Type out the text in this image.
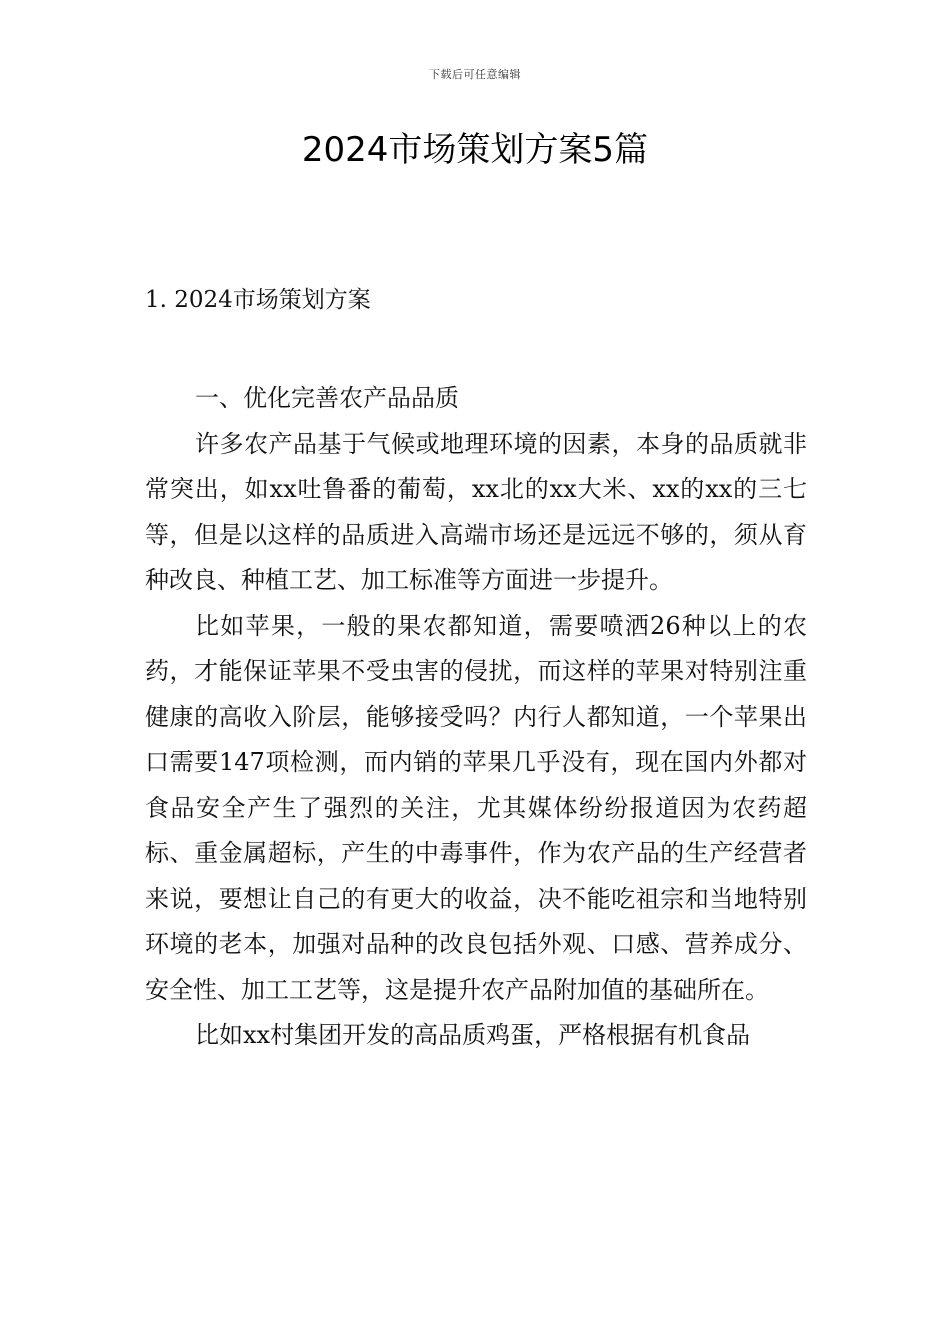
下载后可任意编辑
2024市场策划方案5篇
1. 2024市场策划方案

一、优化完善农产品品质

许多农产品基于气候或地理环境的因素，本身的品质就非常突出，如xx吐鲁番的葡萄，xx北的xx大米、xx的xx的三七等，但是以这样的品质进入高端市场还是远远不够的，须从育种改良、种植工艺、加工标准等方面进一步提升。

比如苹果，一般的果农都知道，需要喷洒26种以上的农药，才能保证苹果不受虫害的侵扰，而这样的苹果对特别注重健康的高收入阶层，能够接受吗？内行人都知道，一个苹果出口需要147项检测，而内销的苹果几乎没有，现在国内外都对食品安全产生了强烈的关注，尤其媒体纷纷报道因为农药超标、重金属超标，产生的中毒事件，作为农产品的生产经营者来说，要想让自己的有更大的收益，决不能吃祖宗和当地特别环境的老本，加强对品种的改良包括外观、口感、营养成分、安全性、加工工艺等，这是提升农产品附加值的基础所在。

比如xx村集团开发的高品质鸡蛋，严格根据有机食品
